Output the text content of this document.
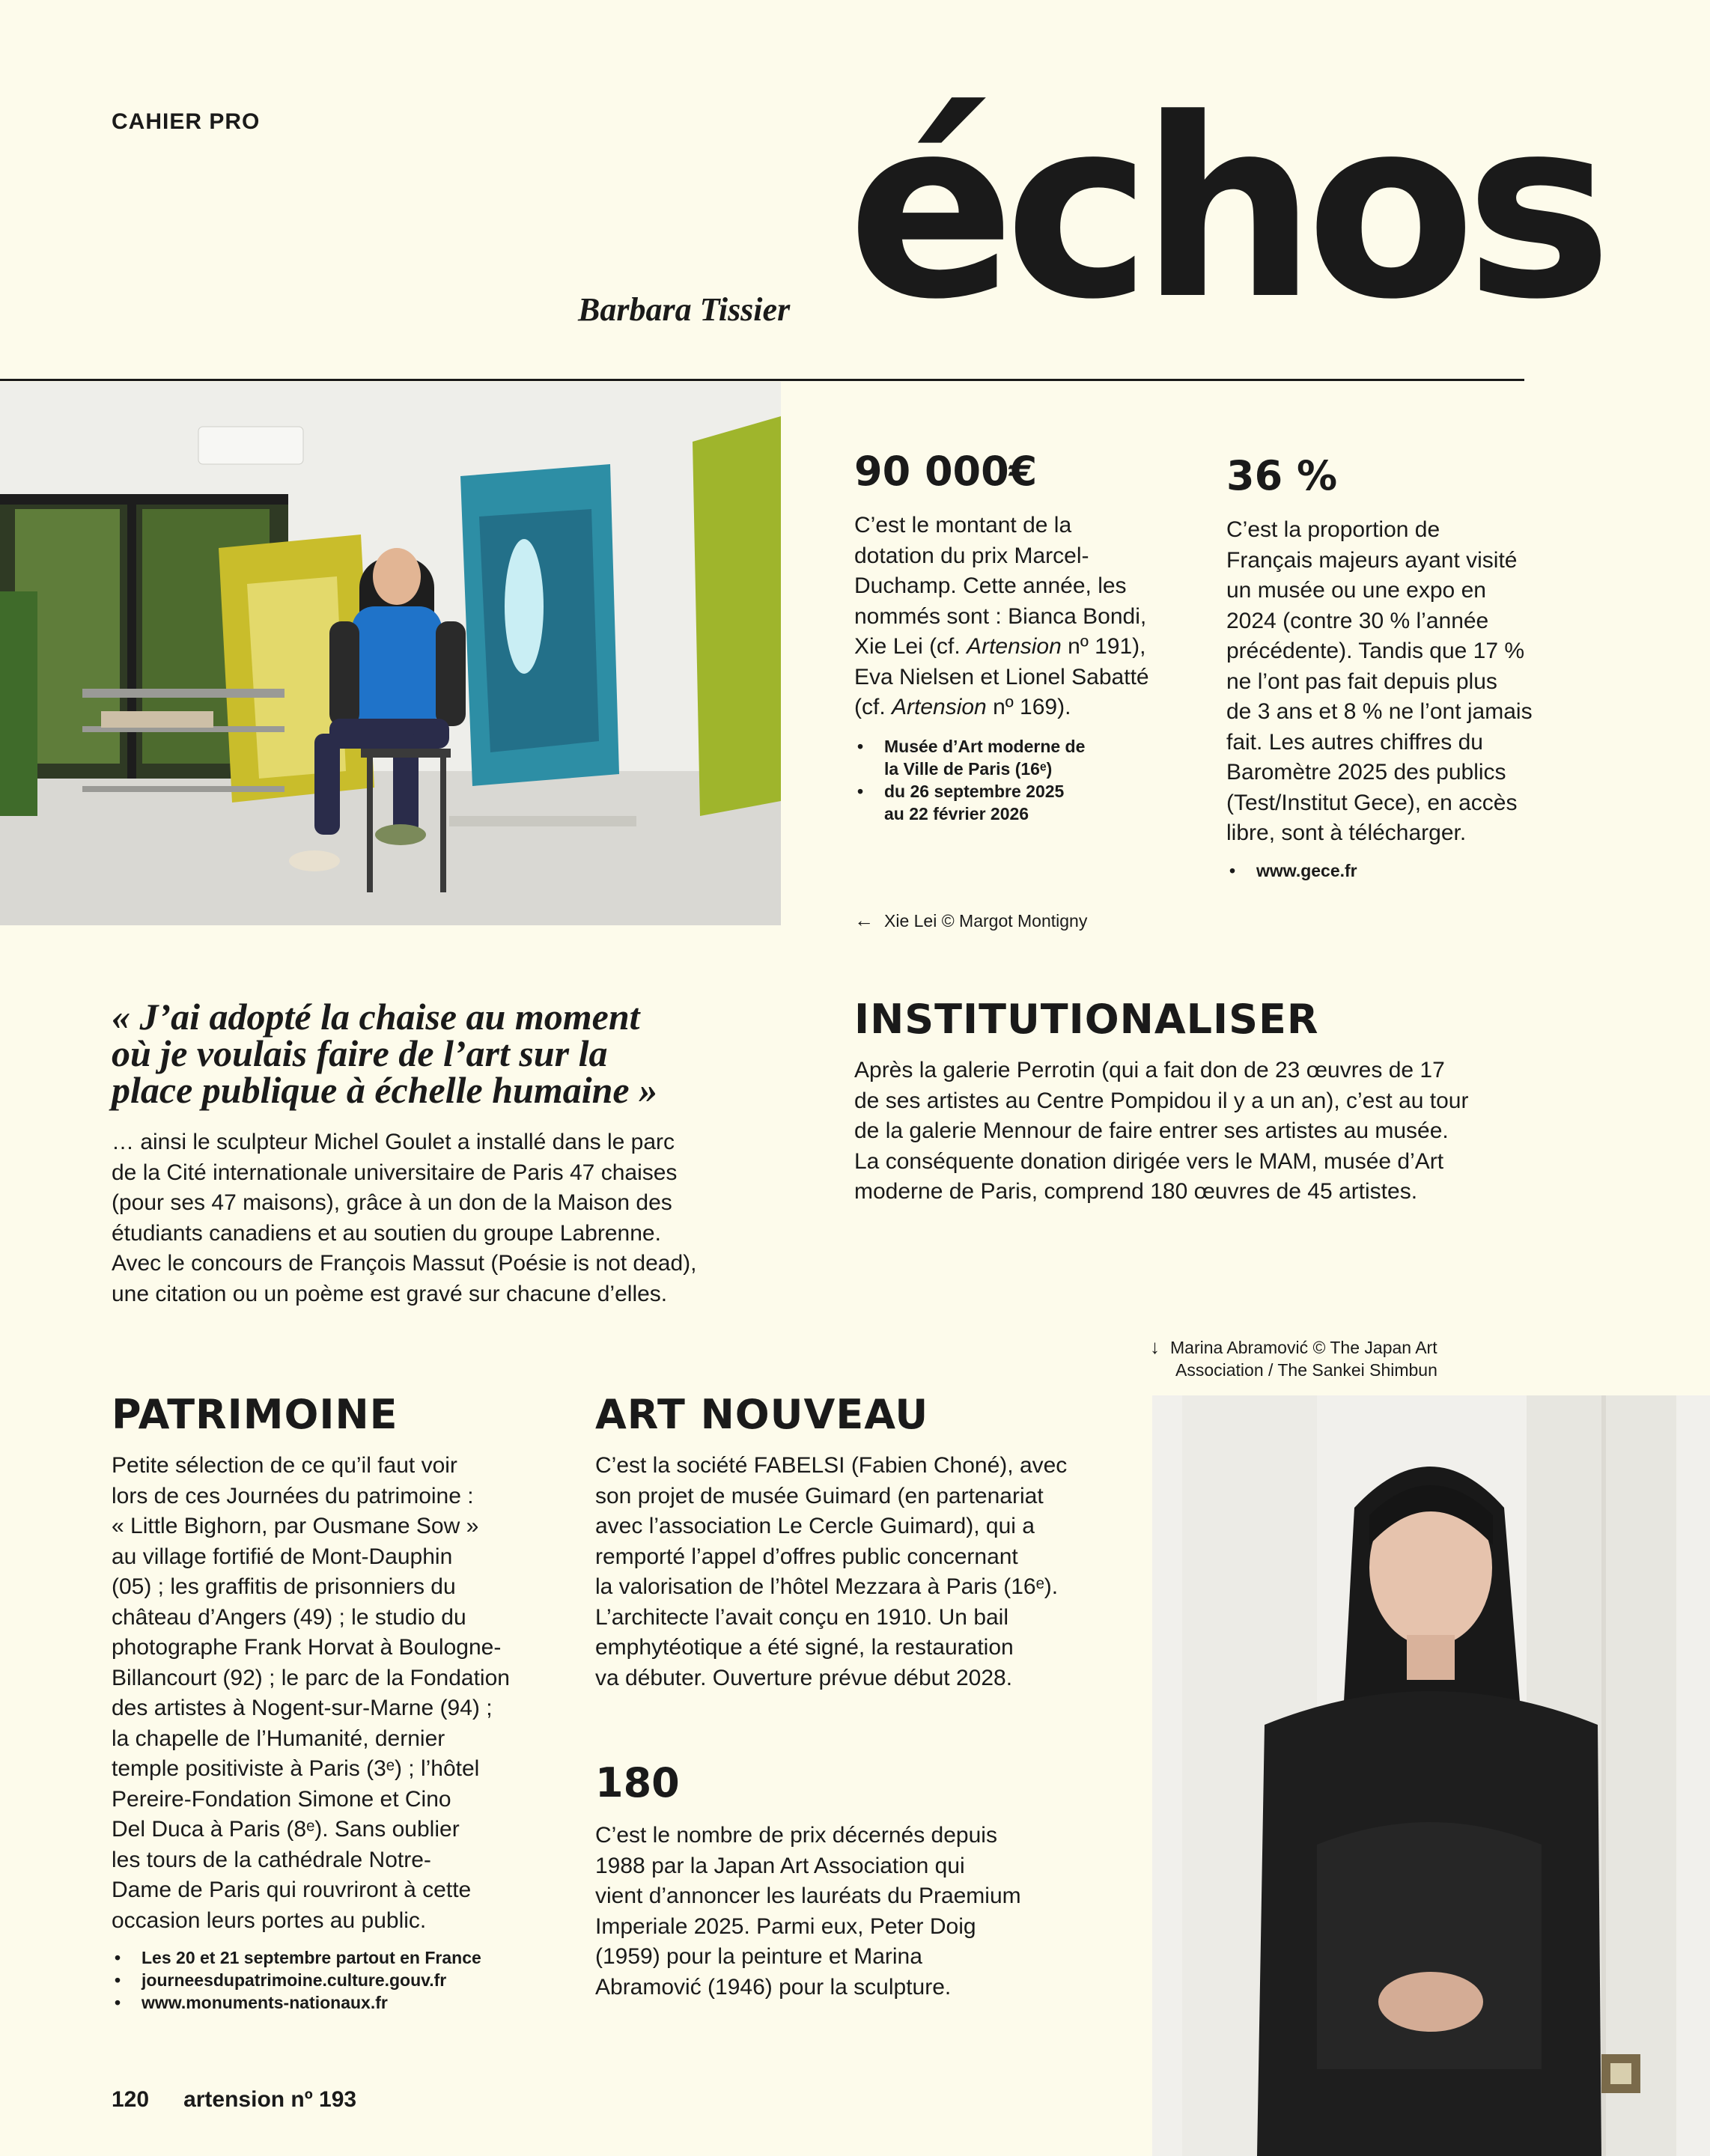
CAHIER PRO
Barbara Tissier échos
90 000€
C’est le montant de la
dotation du prix Marcel-
Duchamp. Cette année, les
nommés sont : Bianca Bondi,
Xie Lei (cf. Artension nº 191),
Eva Nielsen et Lionel Sabatté
(cf. Artension nº 169).
• Musée d’Art moderne de
la Ville de Paris (16ᵉ)
• du 26 septembre 2025
au 22 février 2026
← Xie Lei © Margot Montigny
36 %
C’est la proportion de
Français majeurs ayant visité
un musée ou une expo en
2024 (contre 30 % l’année
précédente). Tandis que 17 %
ne l’ont pas fait depuis plus
de 3 ans et 8 % ne l’ont jamais
fait. Les autres chiffres du
Baromètre 2025 des publics
(Test/Institut Gece), en accès
libre, sont à télécharger.
• www.gece.fr
« J’ai adopté la chaise au moment
où je voulais faire de l’art sur la
place publique à échelle humaine »
… ainsi le sculpteur Michel Goulet a installé dans le parc
de la Cité internationale universitaire de Paris 47 chaises
(pour ses 47 maisons), grâce à un don de la Maison des
étudiants canadiens et au soutien du groupe Labrenne.
Avec le concours de François Massut (Poésie is not dead),
une citation ou un poème est gravé sur chacune d’elles.
INSTITUTIONALISER
Après la galerie Perrotin (qui a fait don de 23 œuvres de 17
de ses artistes au Centre Pompidou il y a un an), c’est au tour
de la galerie Mennour de faire entrer ses artistes au musée.
La conséquente donation dirigée vers le MAM, musée d’Art
moderne de Paris, comprend 180 œuvres de 45 artistes.
↓ Marina Abramović © The Japan Art
Association / The Sankei Shimbun
PATRIMOINE
Petite sélection de ce qu’il faut voir
lors de ces Journées du patrimoine :
« Little Bighorn, par Ousmane Sow »
au village fortifié de Mont-Dauphin
(05) ; les graffitis de prisonniers du
château d’Angers (49) ; le studio du
photographe Frank Horvat à Boulogne-
Billancourt (92) ; le parc de la Fondation
des artistes à Nogent-sur-Marne (94) ;
la chapelle de l’Humanité, dernier
temple positiviste à Paris (3ᵉ) ; l’hôtel
Pereire-Fondation Simone et Cino
Del Duca à Paris (8ᵉ). Sans oublier
les tours de la cathédrale Notre-
Dame de Paris qui rouvriront à cette
occasion leurs portes au public.
• Les 20 et 21 septembre partout en France
• journeesdupatrimoine.culture.gouv.fr
• www.monuments-nationaux.fr
ART NOUVEAU
C’est la société FABELSI (Fabien Choné), avec
son projet de musée Guimard (en partenariat
avec l’association Le Cercle Guimard), qui a
remporté l’appel d’offres public concernant
la valorisation de l’hôtel Mezzara à Paris (16ᵉ).
L’architecte l’avait conçu en 1910. Un bail
emphytéotique a été signé, la restauration
va débuter. Ouverture prévue début 2028.
180
C’est le nombre de prix décernés depuis
1988 par la Japan Art Association qui
vient d’annoncer les lauréats du Praemium
Imperiale 2025. Parmi eux, Peter Doig
(1959) pour la peinture et Marina
Abramović (1946) pour la sculpture.
120 artension nº 193
